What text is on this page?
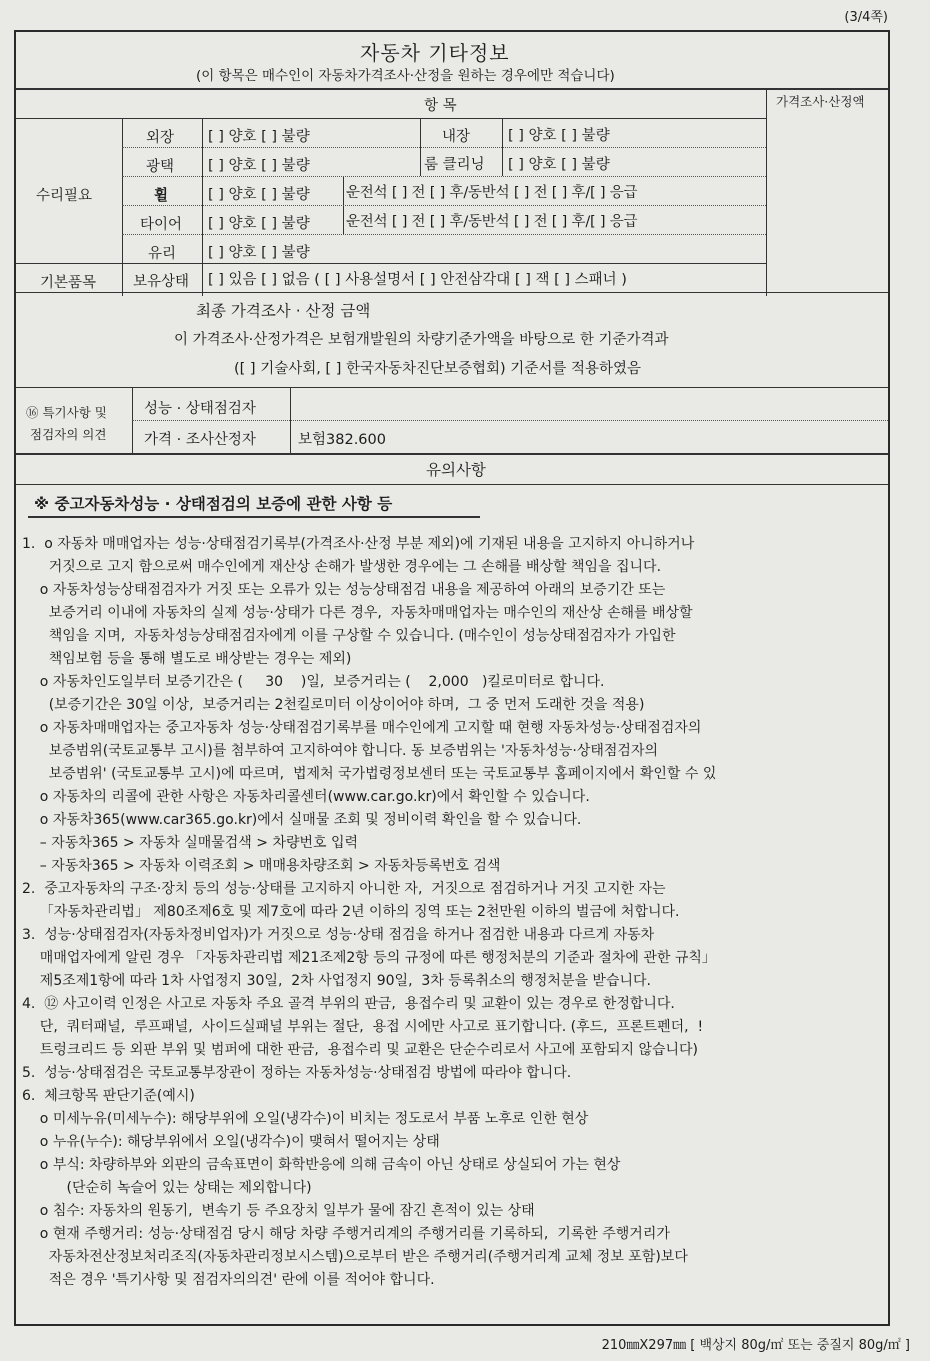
(3/4쪽)
자동차 기타정보
(이 항목은 매수인이 자동차가격조사·산정을 원하는 경우에만 적습니다)
항 목	가격조사·산정액
수리필요
외장 [ ] 양호 [ ] 불량	내장	[ ] 양호 [ ] 불량
광택 [ ] 양호 [ ] 불량	룸 클리닝 [ ] 양호 [ ] 불량
휠	[ ] 양호 [ ] 불량	운전석 [ ] 전 [ ] 후/동반석 [ ] 전 [ ] 후/[ ] 응급
타이어 [ ] 양호 [ ] 불량	운전석 [ ] 전 [ ] 후/동반석 [ ] 전 [ ] 후/[ ] 응급
유리 [ ] 양호 [ ] 불량
기본품목	보유상태 [ ] 있음 [ ] 없음 ( [ ] 사용설명서 [ ] 안전삼각대 [ ] 잭 [ ] 스패너 )
최종 가격조사 · 산정 금액
이 가격조사·산정가격은 보험개발원의 차량기준가액을 바탕으로 한 기준가격과
([ ] 기술사회, [ ] 한국자동차진단보증협회) 기준서를 적용하였음
⑯ 특기사항 및
점검자의 의견
성능 · 상태점검자
가격 · 조사산정자	보험382.600
유의사항
※ 중고자동차성능 · 상태점검의 보증에 관한 사항 등

1.  o 자동차 매매업자는 성능·상태점검기록부(가격조사·산정 부분 제외)에 기재된 내용을 고지하지 아니하거나

거짓으로 고지 함으로써 매수인에게 재산상 손해가 발생한 경우에는 그 손해를 배상할 책임을 집니다.

o 자동차성능상태점검자가 거짓 또는 오류가 있는 성능상태점검 내용을 제공하여 아래의 보증기간 또는

보증거리 이내에 자동차의 실제 성능·상태가 다른 경우,  자동차매매업자는 매수인의 재산상 손해를 배상할

책임을 지며,  자동차성능상태점검자에게 이를 구상할 수 있습니다. (매수인이 성능상태점검자가 가입한

책임보험 등을 통해 별도로 배상받는 경우는 제외)

o 자동차인도일부터 보증기간은 (     30    )일,  보증거리는 (    2,000   )킬로미터로 합니다.

(보증기간은 30일 이상,  보증거리는 2천킬로미터 이상이어야 하며,  그 중 먼저 도래한 것을 적용)

o 자동차매매업자는 중고자동차 성능·상태점검기록부를 매수인에게 고지할 때 현행 자동차성능·상태점검자의

보증범위(국토교통부 고시)를 첨부하여 고지하여야 합니다. 동 보증범위는 '자동차성능·상태점검자의

보증범위' (국토교통부 고시)에 따르며,  법제처 국가법령정보센터 또는 국토교통부 홈페이지에서 확인할 수 있

o 자동차의 리콜에 관한 사항은 자동차리콜센터(www.car.go.kr)에서 확인할 수 있습니다.

o 자동차365(www.car365.go.kr)에서 실매물 조회 및 정비이력 확인을 할 수 있습니다.

– 자동차365 > 자동차 실매물검색 > 차량번호 입력

– 자동차365 > 자동차 이력조회 > 매매용차량조회 > 자동차등록번호 검색

2.  중고자동차의 구조·장치 등의 성능·상태를 고지하지 아니한 자,  거짓으로 점검하거나 거짓 고지한 자는

「자동차관리법」 제80조제6호 및 제7호에 따라 2년 이하의 징역 또는 2천만원 이하의 벌금에 처합니다.

3.  성능·상태점검자(자동차정비업자)가 거짓으로 성능·상태 점검을 하거나 점검한 내용과 다르게 자동차

매매업자에게 알린 경우 「자동차관리법 제21조제2항 등의 규정에 따른 행정처분의 기준과 절차에 관한 규칙」

제5조제1항에 따라 1차 사업정지 30일,  2차 사업정지 90일,  3차 등록취소의 행정처분을 받습니다.

4.  ⑫ 사고이력 인정은 사고로 자동차 주요 골격 부위의 판금,  용접수리 및 교환이 있는 경우로 한정합니다.

단,  쿼터패널,  루프패널,  사이드실패널 부위는 절단,  용접 시에만 사고로 표기합니다. (후드,  프론트펜더,  !

트렁크리드 등 외판 부위 및 범퍼에 대한 판금,  용접수리 및 교환은 단순수리로서 사고에 포함되지 않습니다)

5.  성능·상태점검은 국토교통부장관이 정하는 자동차성능·상태점검 방법에 따라야 합니다.

6.  체크항목 판단기준(예시)

o 미세누유(미세누수): 해당부위에 오일(냉각수)이 비치는 정도로서 부품 노후로 인한 현상

o 누유(누수): 해당부위에서 오일(냉각수)이 맺혀서 떨어지는 상태

o 부식: 차량하부와 외판의 금속표면이 화학반응에 의해 금속이 아닌 상태로 상실되어 가는 현상

(단순히 녹슬어 있는 상태는 제외합니다)

o 침수: 자동차의 원동기,  변속기 등 주요장치 일부가 물에 잠긴 흔적이 있는 상태

o 현재 주행거리: 성능·상태점검 당시 해당 차량 주행거리계의 주행거리를 기록하되,  기록한 주행거리가

자동차전산정보처리조직(자동차관리정보시스템)으로부터 받은 주행거리(주행거리계 교체 정보 포함)보다

적은 경우 '특기사항 및 점검자의의견' 란에 이를 적어야 합니다.

210㎜X297㎜ [ 백상지 80g/㎡ 또는 중질지 80g/㎡ ]
